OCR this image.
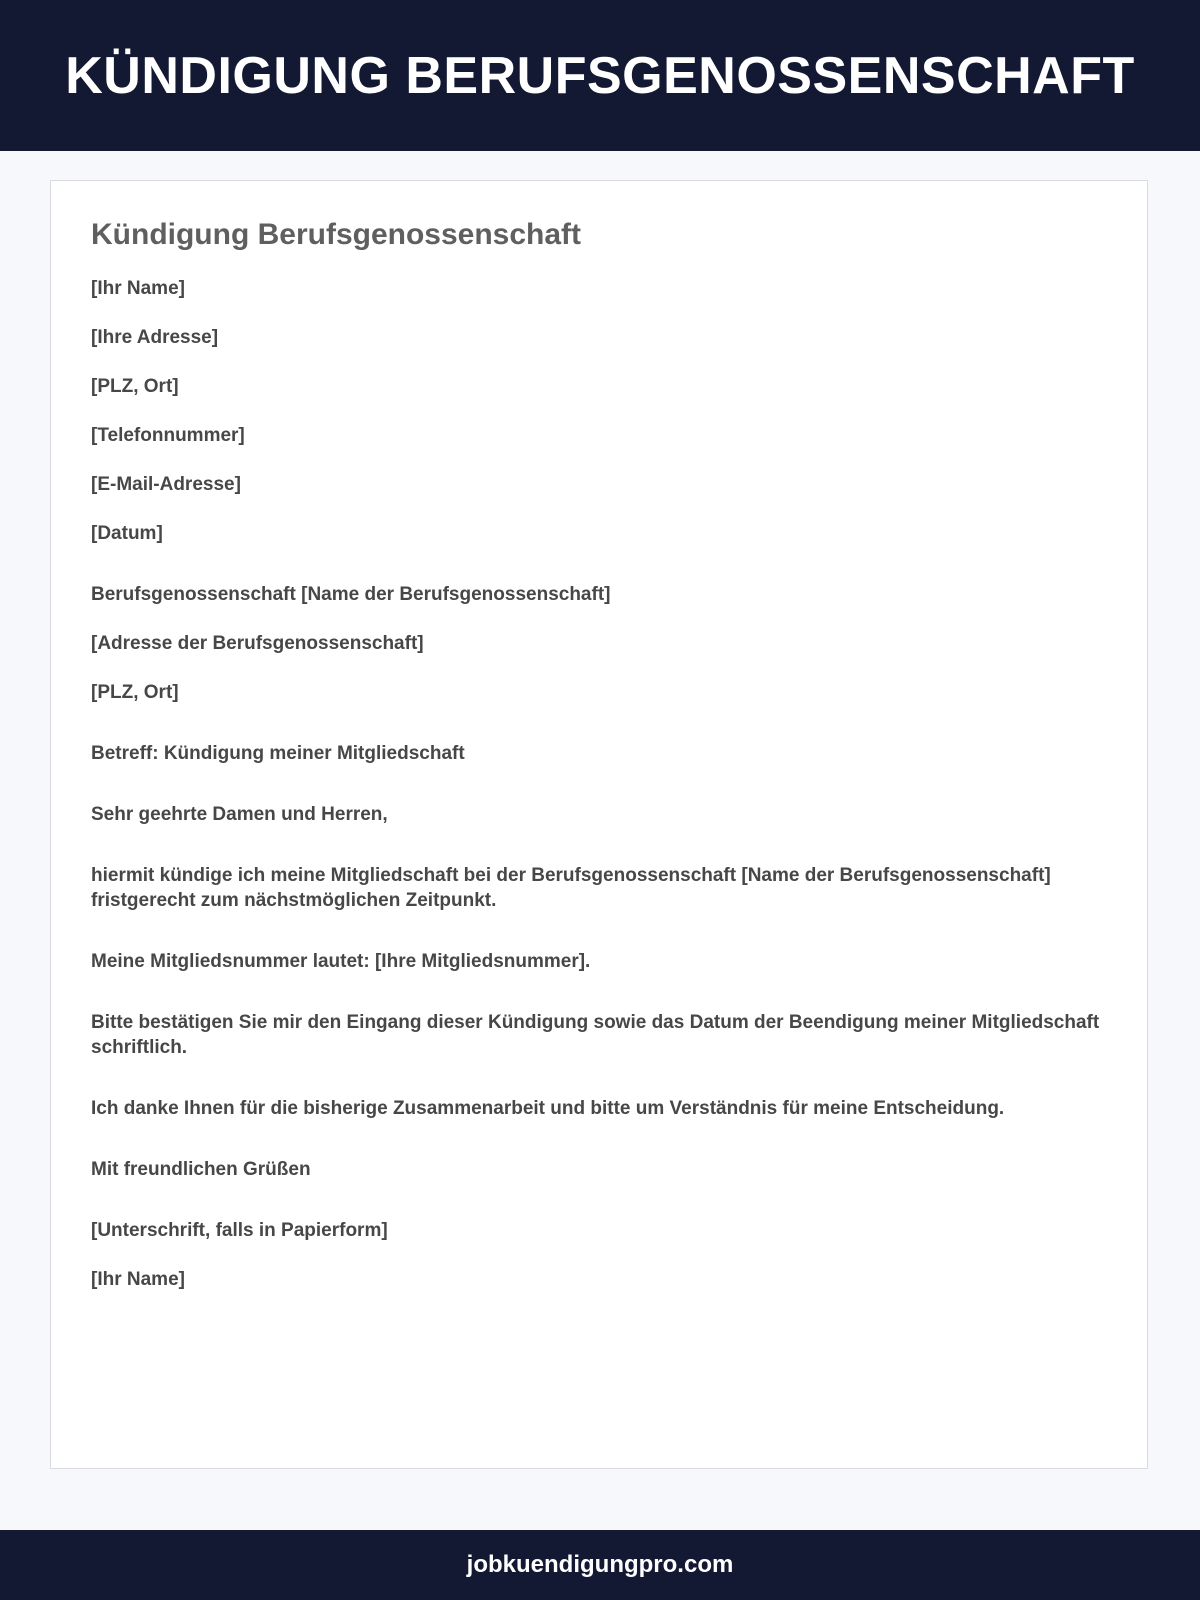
KÜNDIGUNG BERUFSGENOSSENSCHAFT
Kündigung Berufsgenossenschaft

[Ihr Name]

[Ihre Adresse]

[PLZ, Ort]

[Telefonnummer]

[E-Mail-Adresse]

[Datum]

Berufsgenossenschaft [Name der Berufsgenossenschaft]

[Adresse der Berufsgenossenschaft]

[PLZ, Ort]

Betreff: Kündigung meiner Mitgliedschaft

Sehr geehrte Damen und Herren,

hiermit kündige ich meine Mitgliedschaft bei der Berufsgenossenschaft [Name der Berufsgenossenschaft] fristgerecht zum nächstmöglichen Zeitpunkt.

Meine Mitgliedsnummer lautet: [Ihre Mitgliedsnummer].

Bitte bestätigen Sie mir den Eingang dieser Kündigung sowie das Datum der Beendigung meiner Mitgliedschaft schriftlich.

Ich danke Ihnen für die bisherige Zusammenarbeit und bitte um Verständnis für meine Entscheidung.

Mit freundlichen Grüßen

[Unterschrift, falls in Papierform]

[Ihr Name]

jobkuendigungpro.com
